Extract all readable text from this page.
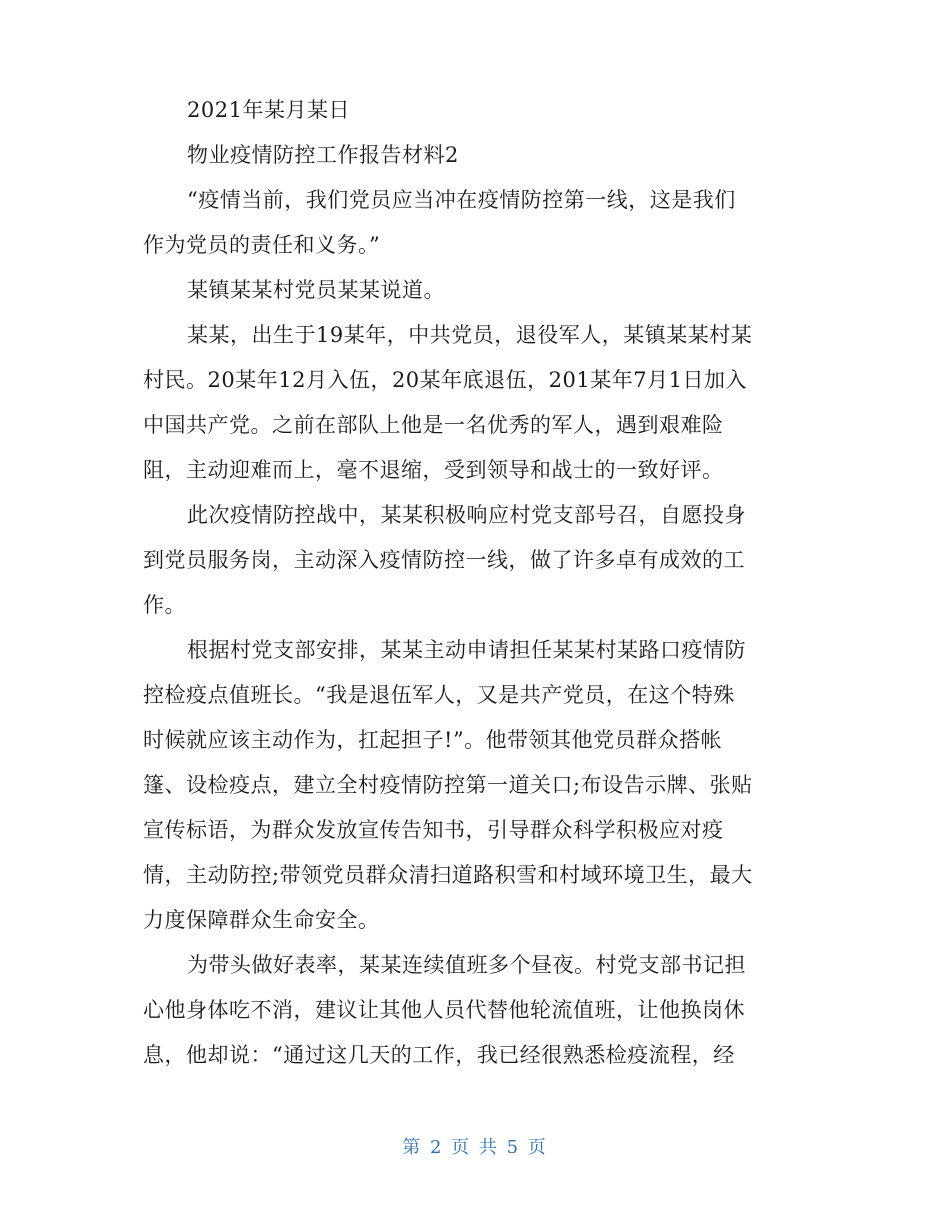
2021年某月某日
物业疫情防控工作报告材料2
“疫情当前，我们党员应当冲在疫情防控第一线，这是我们
作为党员的责任和义务。”
某镇某某村党员某某说道。
某某，出生于19某年，中共党员，退役军人，某镇某某村某
村民。20某年12月入伍，20某年底退伍，201某年7月1日加入
中国共产党。之前在部队上他是一名优秀的军人，遇到艰难险
阻，主动迎难而上，毫不退缩，受到领导和战士的一致好评。
此次疫情防控战中，某某积极响应村党支部号召，自愿投身
到党员服务岗，主动深入疫情防控一线，做了许多卓有成效的工
作。
根据村党支部安排，某某主动申请担任某某村某路口疫情防
控检疫点值班长。“我是退伍军人，又是共产党员，在这个特殊
时候就应该主动作为，扛起担子!”。他带领其他党员群众搭帐
篷、设检疫点，建立全村疫情防控第一道关口;布设告示牌、张贴
宣传标语，为群众发放宣传告知书，引导群众科学积极应对疫
情，主动防控;带领党员群众清扫道路积雪和村域环境卫生，最大
力度保障群众生命安全。
为带头做好表率，某某连续值班多个昼夜。村党支部书记担
心他身体吃不消，建议让其他人员代替他轮流值班，让他换岗休
息，他却说：“通过这几天的工作，我已经很熟悉检疫流程，经
第 2 页 共 5 页
